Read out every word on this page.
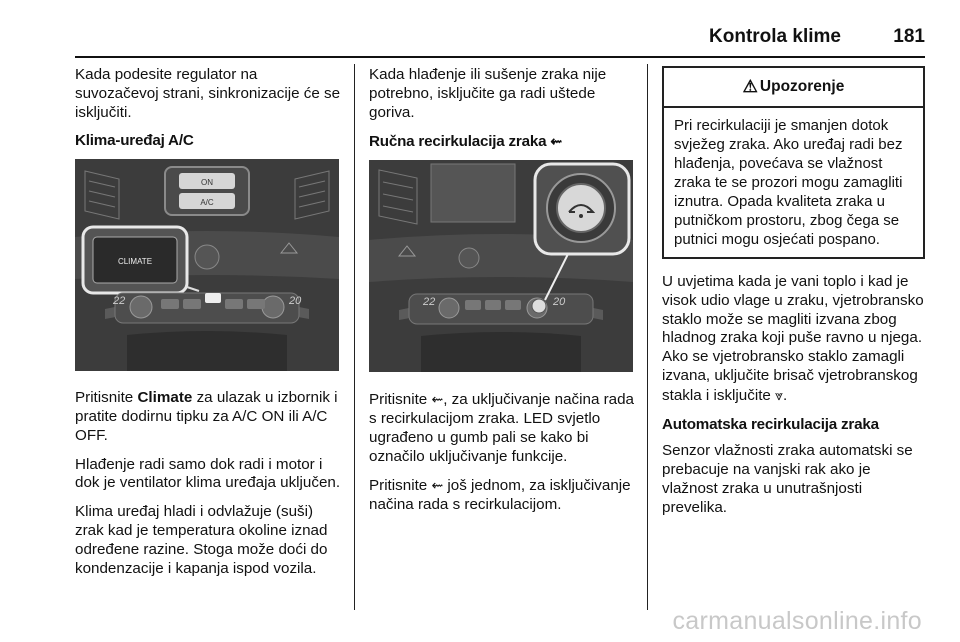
Kontrola klime	181

Kada podesite regulator na suvozačevoj strani, sinkronizacije će se isključiti.

Klima-uređaj A/C

ON
A/C
CLIMATE
22	20

Pritisnite Climate za ulazak u izbornik i pratite dodirnu tipku za A/C ON ili A/C OFF.

Hlađenje radi samo dok radi i motor i dok je ventilator klima uređaja uključen.

Klima uređaj hladi i odvlažuje (suši) zrak kad je temperatura okoline iznad određene razine. Stoga može doći do kondenzacije i kapanja ispod vozila.

Kada hlađenje ili sušenje zraka nije potrebno, isključite ga radi uštede goriva.

Ručna recirkulacija zraka ⇜

22	20

Pritisnite ⇜, za uključivanje načina rada s recirkulacijom zraka. LED svjetlo ugrađeno u gumb pali se kako bi označilo uključivanje funkcije.

Pritisnite ⇜ još jednom, za isključivanje načina rada s recirkulacijom.

⚠ Upozorenje
Pri recirkulaciji je smanjen dotok svježeg zraka. Ako uređaj radi bez hlađenja, povećava se vlažnost zraka te se prozori mogu zamagliti iznutra. Opada kvaliteta zraka u putničkom prostoru, zbog čega se putnici mogu osjećati pospano.

U uvjetima kada je vani toplo i kad je visok udio vlage u zraku, vjetrobransko staklo može se magliti izvana zbog hladnog zraka koji puše ravno u njega. Ako se vjetrobransko staklo zamagli izvana, uključite brisač vjetrobranskog stakla i isključite ⩔.

Automatska recirkulacija zraka

Senzor vlažnosti zraka automatski se prebacuje na vanjski rak ako je vlažnost zraka u unutrašnjosti prevelika.

carmanualsonline.info
